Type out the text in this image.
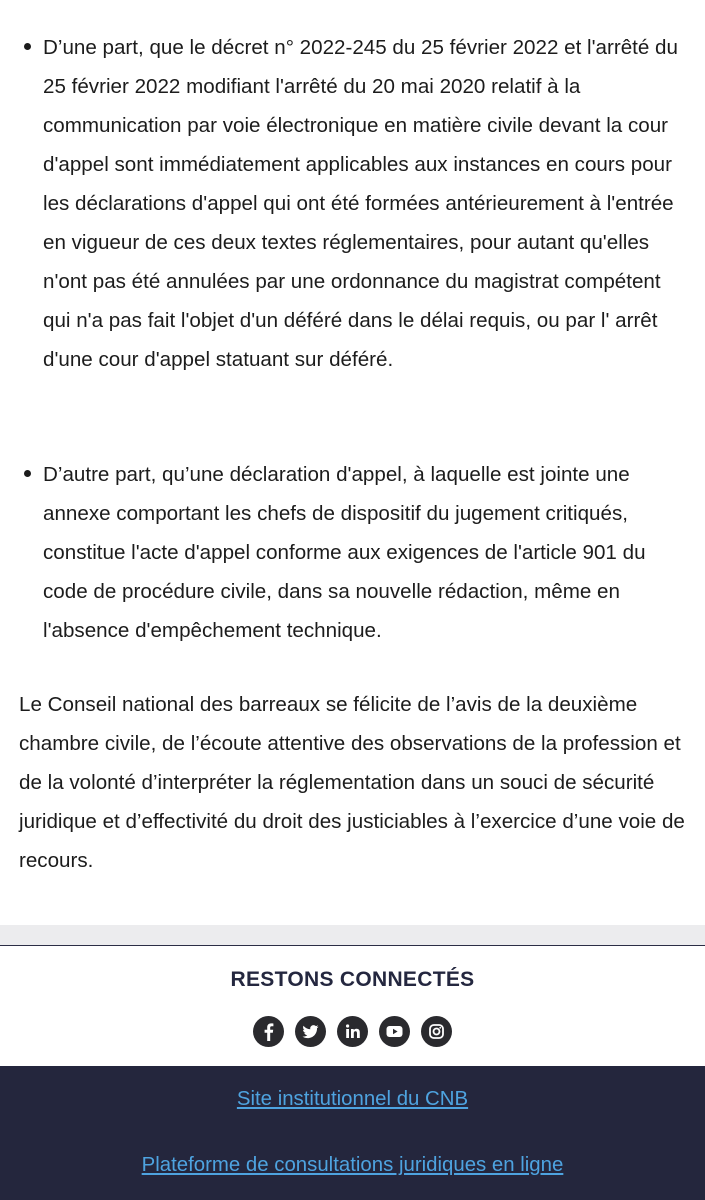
D’une part, que le décret n° 2022-245 du 25 février 2022 et l'arrêté du 25 février 2022 modifiant l'arrêté du 20 mai 2020 relatif à la communication par voie électronique en matière civile devant la cour d'appel sont immédiatement applicables aux instances en cours pour les déclarations d'appel qui ont été formées antérieurement à l'entrée en vigueur de ces deux textes réglementaires, pour autant qu'elles n'ont pas été annulées par une ordonnance du magistrat compétent qui n'a pas fait l'objet d'un déféré dans le délai requis, ou par l' arrêt d'une cour d'appel statuant sur déféré.
D’autre part, qu’une déclaration d'appel, à laquelle est jointe une annexe comportant les chefs de dispositif du jugement critiqués, constitue l'acte d'appel conforme aux exigences de l'article 901 du code de procédure civile, dans sa nouvelle rédaction, même en l'absence d'empêchement technique.

Le Conseil national des barreaux se félicite de l’avis de la deuxième chambre civile, de l’écoute attentive des observations de la profession et de la volonté d’interpréter la réglementation dans un souci de sécurité juridique et d’effectivité du droit des justiciables à l’exercice d’une voie de recours.

RESTONS CONNECTÉS

Site institutionnel du CNB
Plateforme de consultations juridiques en ligne
